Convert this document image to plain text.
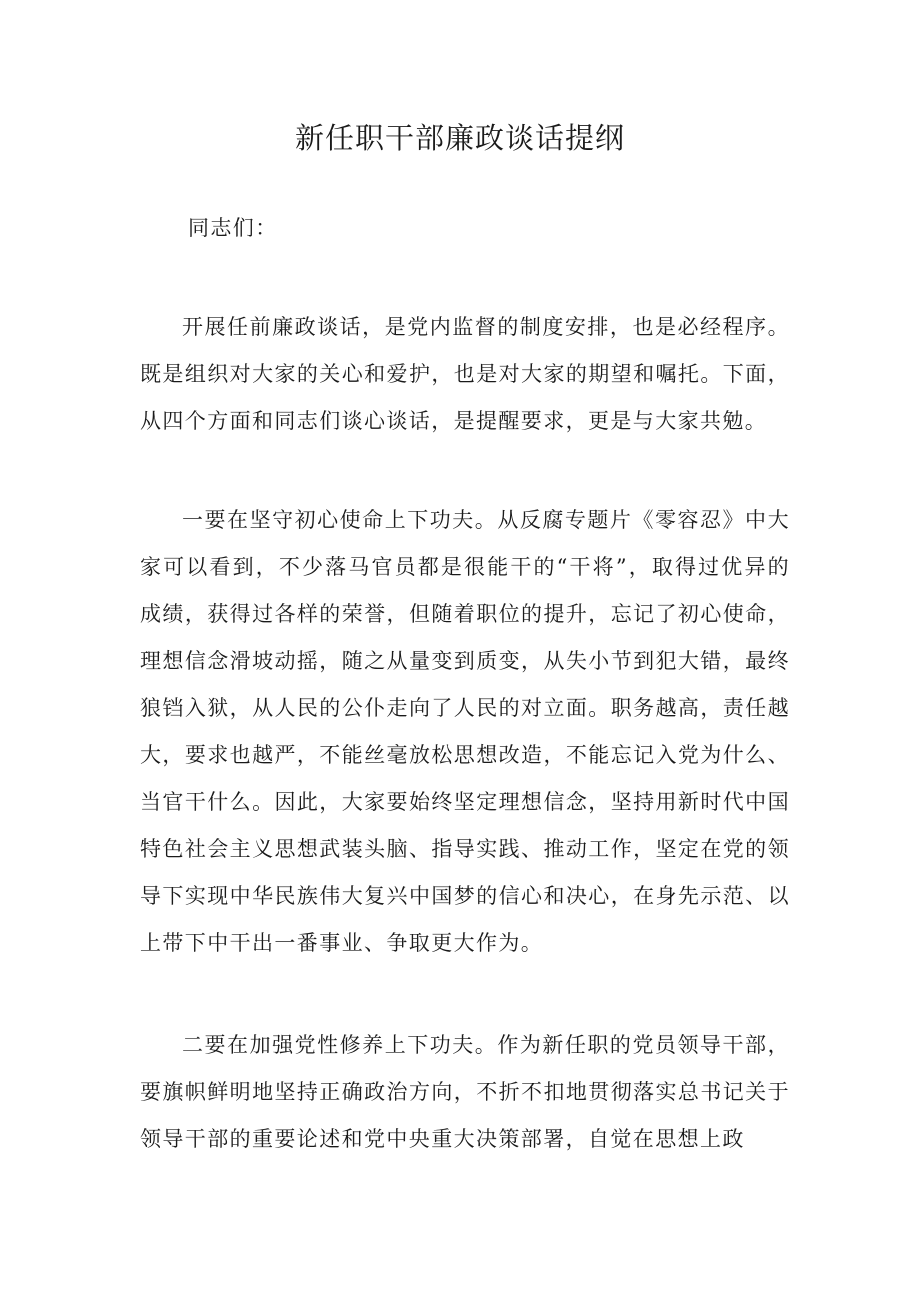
新任职干部廉政谈话提纲

同志们：

开展任前廉政谈话，是党内监督的制度安排，也是必经程序。既是组织对大家的关心和爱护，也是对大家的期望和嘱托。下面，从四个方面和同志们谈心谈话，是提醒要求，更是与大家共勉。

一要在坚守初心使命上下功夫。从反腐专题片《零容忍》中大家可以看到，不少落马官员都是很能干的“干将”，取得过优异的成绩，获得过各样的荣誉，但随着职位的提升，忘记了初心使命，理想信念滑坡动摇，随之从量变到质变，从失小节到犯大错，最终狼铛入狱，从人民的公仆走向了人民的对立面。职务越高，责任越大，要求也越严，不能丝毫放松思想改造，不能忘记入党为什么、当官干什么。因此，大家要始终坚定理想信念，坚持用新时代中国特色社会主义思想武装头脑、指导实践、推动工作，坚定在党的领导下实现中华民族伟大复兴中国梦的信心和决心，在身先示范、以上带下中干出一番事业、争取更大作为。

二要在加强党性修养上下功夫。作为新任职的党员领导干部，要旗帜鲜明地坚持正确政治方向，不折不扣地贯彻落实总书记关于领导干部的重要论述和党中央重大决策部署，自觉在思想上政
